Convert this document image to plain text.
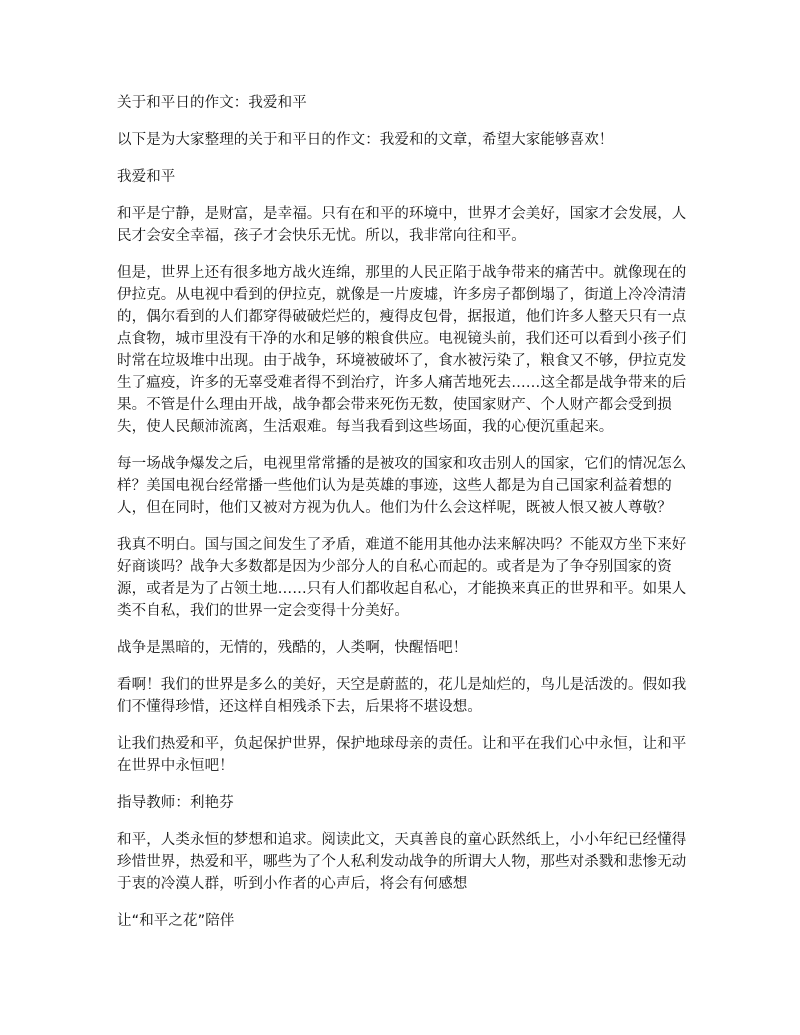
关于和平日的作文：我爱和平

以下是为大家整理的关于和平日的作文：我爱和的文章，希望大家能够喜欢！

我爱和平

和平是宁静，是财富，是幸福。只有在和平的环境中，世界才会美好，国家才会发展，人民才会安全幸福，孩子才会快乐无忧。所以，我非常向往和平。

但是，世界上还有很多地方战火连绵，那里的人民正陷于战争带来的痛苦中。就像现在的伊拉克。从电视中看到的伊拉克，就像是一片废墟，许多房子都倒塌了，街道上冷冷清清的，偶尔看到的人们都穿得破破烂烂的，瘦得皮包骨，据报道，他们许多人整天只有一点点食物，城市里没有干净的水和足够的粮食供应。电视镜头前，我们还可以看到小孩子们时常在垃圾堆中出现。由于战争，环境被破坏了，食水被污染了，粮食又不够，伊拉克发生了瘟疫，许多的无辜受难者得不到治疗，许多人痛苦地死去……这全都是战争带来的后果。不管是什么理由开战，战争都会带来死伤无数，使国家财产、个人财产都会受到损失，使人民颠沛流离，生活艰难。每当我看到这些场面，我的心便沉重起来。

每一场战争爆发之后，电视里常常播的是被攻的国家和攻击别人的国家，它们的情况怎么样？美国电视台经常播一些他们认为是英雄的事迹，这些人都是为自己国家利益着想的人，但在同时，他们又被对方视为仇人。他们为什么会这样呢，既被人恨又被人尊敬？

我真不明白。国与国之间发生了矛盾，难道不能用其他办法来解决吗？不能双方坐下来好好商谈吗？战争大多数都是因为少部分人的自私心而起的。或者是为了争夺别国家的资源，或者是为了占领土地……只有人们都收起自私心，才能换来真正的世界和平。如果人类不自私，我们的世界一定会变得十分美好。

战争是黑暗的，无情的，残酷的，人类啊，快醒悟吧！

看啊！我们的世界是多么的美好，天空是蔚蓝的，花儿是灿烂的，鸟儿是活泼的。假如我们不懂得珍惜，还这样自相残杀下去，后果将不堪设想。

让我们热爱和平，负起保护世界，保护地球母亲的责任。让和平在我们心中永恒，让和平在世界中永恒吧！

指导教师：利艳芬

和平，人类永恒的梦想和追求。阅读此文，天真善良的童心跃然纸上，小小年纪已经懂得珍惜世界，热爱和平，哪些为了个人私利发动战争的所谓大人物，那些对杀戮和悲惨无动于衷的冷漠人群，听到小作者的心声后，将会有何感想

让“和平之花”陪伴
